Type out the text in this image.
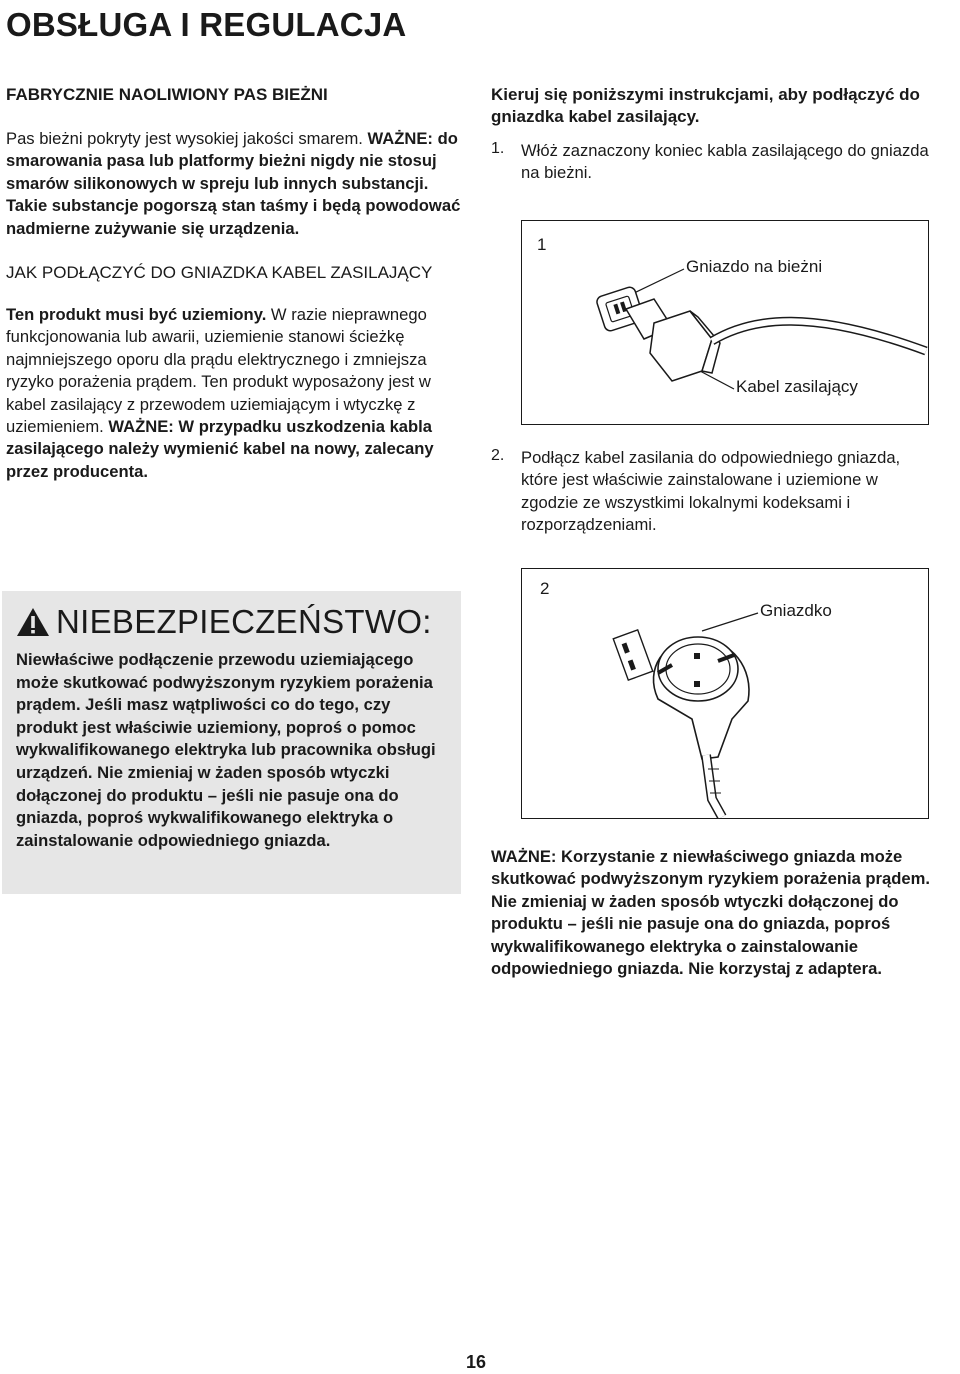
OBSŁUGA I REGULACJA
FABRYCZNIE NAOLIWIONY PAS BIEŻNI

Pas bieżni pokryty jest wysokiej jakości smarem. WAŻNE: do smarowania pasa lub platformy bieżni nigdy nie stosuj smarów silikonowych w spreju lub innych substancji. Takie substancje pogorszą stan taśmy i będą powodować nadmierne zużywanie się urządzenia.

JAK PODŁĄCZYĆ DO GNIAZDKA KABEL ZASILAJĄCY

Ten produkt musi być uziemiony. W razie nieprawnego funkcjonowania lub awarii, uziemienie stanowi ścieżkę najmniejszego oporu dla prądu elektrycznego i zmniejsza ryzyko porażenia prądem. Ten produkt wyposażony jest w kabel zasilający z przewodem uziemiającym i wtyczkę z uziemieniem. WAŻNE: W przypadku uszkodzenia kabla zasilającego należy wymienić kabel na nowy, zalecany przez producenta.

NIEBEZPIECZEŃSTWO:
Niewłaściwe podłączenie przewodu uziemiającego może skutkować podwyższonym ryzykiem porażenia prądem. Jeśli masz wątpliwości co do tego, czy produkt jest właściwie uziemiony, poproś o pomoc wykwalifikowanego elektryka lub pracownika obsługi urządzeń. Nie zmieniaj w żaden sposób wtyczki dołączonej do produktu – jeśli nie pasuje ona do gniazda, poproś wykwalifikowanego elektryka o zainstalowanie odpowiedniego gniazda.
Kieruj się poniższymi instrukcjami, aby podłączyć do gniazdka kabel zasilający.
1.	Włóż zaznaczony koniec kabla zasilającego do gniazda na bieżni.

1
Gniazdo na bieżni
Kabel zasilający
2.	Podłącz kabel zasilania do odpowiedniego gniazda, które jest właściwie zainstalowane i uziemione w zgodzie ze wszystkimi lokalnymi kodeksami i rozporządzeniami.

2
Gniazdko

WAŻNE: Korzystanie z niewłaściwego gniazda może skutkować podwyższonym ryzykiem porażenia prądem. Nie zmieniaj w żaden sposób wtyczki dołączonej do produktu – jeśli nie pasuje ona do gniazda, poproś wykwalifikowanego elektryka o zainstalowanie odpowiedniego gniazda. Nie korzystaj z adaptera.

16
